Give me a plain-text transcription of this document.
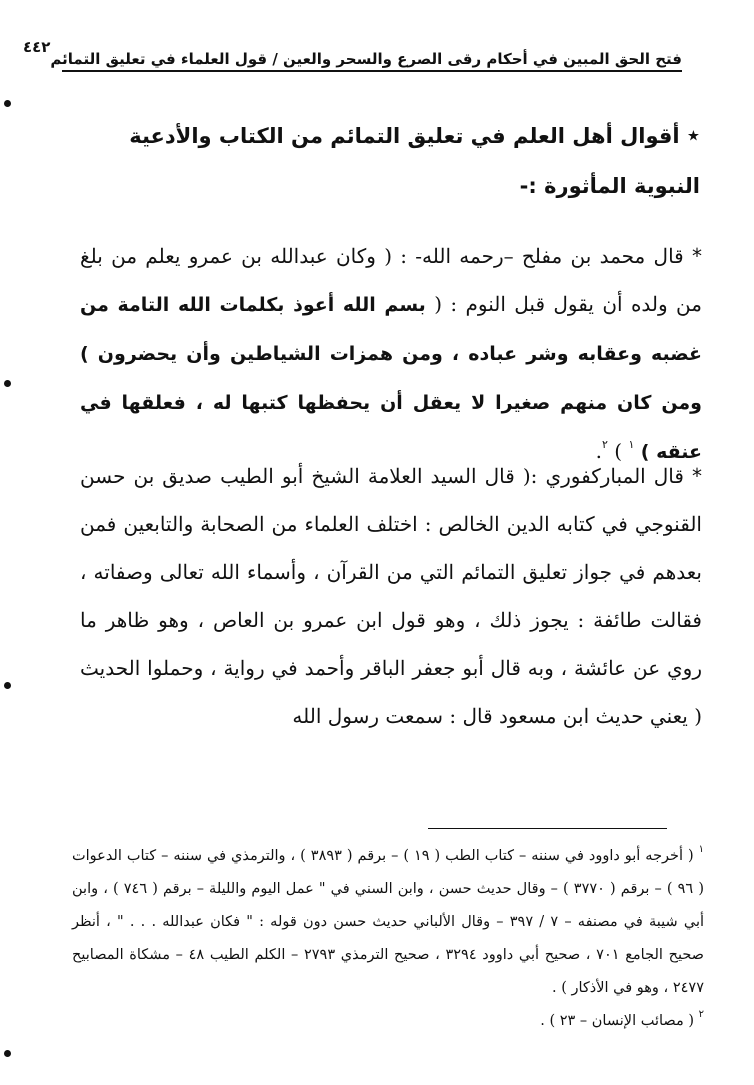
فتح الحق المبين في أحكام رقى الصرع والسحر والعين / قول العلماء في تعليق التمائم
٤٤٢
٭ أقوال أهل العلم في تعليق التمائم من الكتاب والأدعية النبوية المأثورة :-
* قال محمد بن مفلح –رحمه الله- : ( وكان عبدالله بن عمرو يعلم من بلغ من ولده أن يقول قبل النوم : ( بسم الله أعوذ بكلمات الله التامة من غضبه وعقابه وشر عباده ، ومن همزات الشياطين وأن يحضرون ) ومن كان منهم صغيرا لا يعقل أن يحفظها كتبها له ، فعلقها في عنقه ) $^١$ ) $^٢$.
* قال المباركفوري :( قال السيد العلامة الشيخ أبو الطيب صديق بن حسن القنوجي في كتابه الدين الخالص : اختلف العلماء من الصحابة والتابعين فمن بعدهم في جواز تعليق التمائم التي من القرآن ، وأسماء الله تعالى وصفاته ، فقالت طائفة : يجوز ذلك ، وهو قول ابن عمرو بن العاص ، وهو ظاهر ما روي عن عائشة ، وبه قال أبو جعفر الباقر وأحمد في رواية ، وحملوا الحديث ( يعني حديث ابن مسعود قال : سمعت رسول الله
$^١$ ( أخرجه أبو داوود في سننه – كتاب الطب ( ١٩ ) – برقم ( ٣٨٩٣ ) ، والترمذي في سننه – كتاب الدعوات ( ٩٦ ) – برقم ( ٣٧٧٠ ) – وقال حديث حسن ، وابن السني في " عمل اليوم والليلة – برقم ( ٧٤٦ ) ، وابن أبي شيبة في مصنفه – ٧ / ٣٩٧ – وقال الألباني حديث حسن دون قوله : " فكان عبدالله . . . " ، أنظر صحيح الجامع ٧٠١ ، صحيح أبي داوود ٣٢٩٤ ، صحيح الترمذي ٢٧٩٣ – الكلم الطيب ٤٨ – مشكاة المصابيح ٢٤٧٧ ، وهو في الأذكار ) .
$^٢$ ( مصائب الإنسان – ٢٣ ) .
